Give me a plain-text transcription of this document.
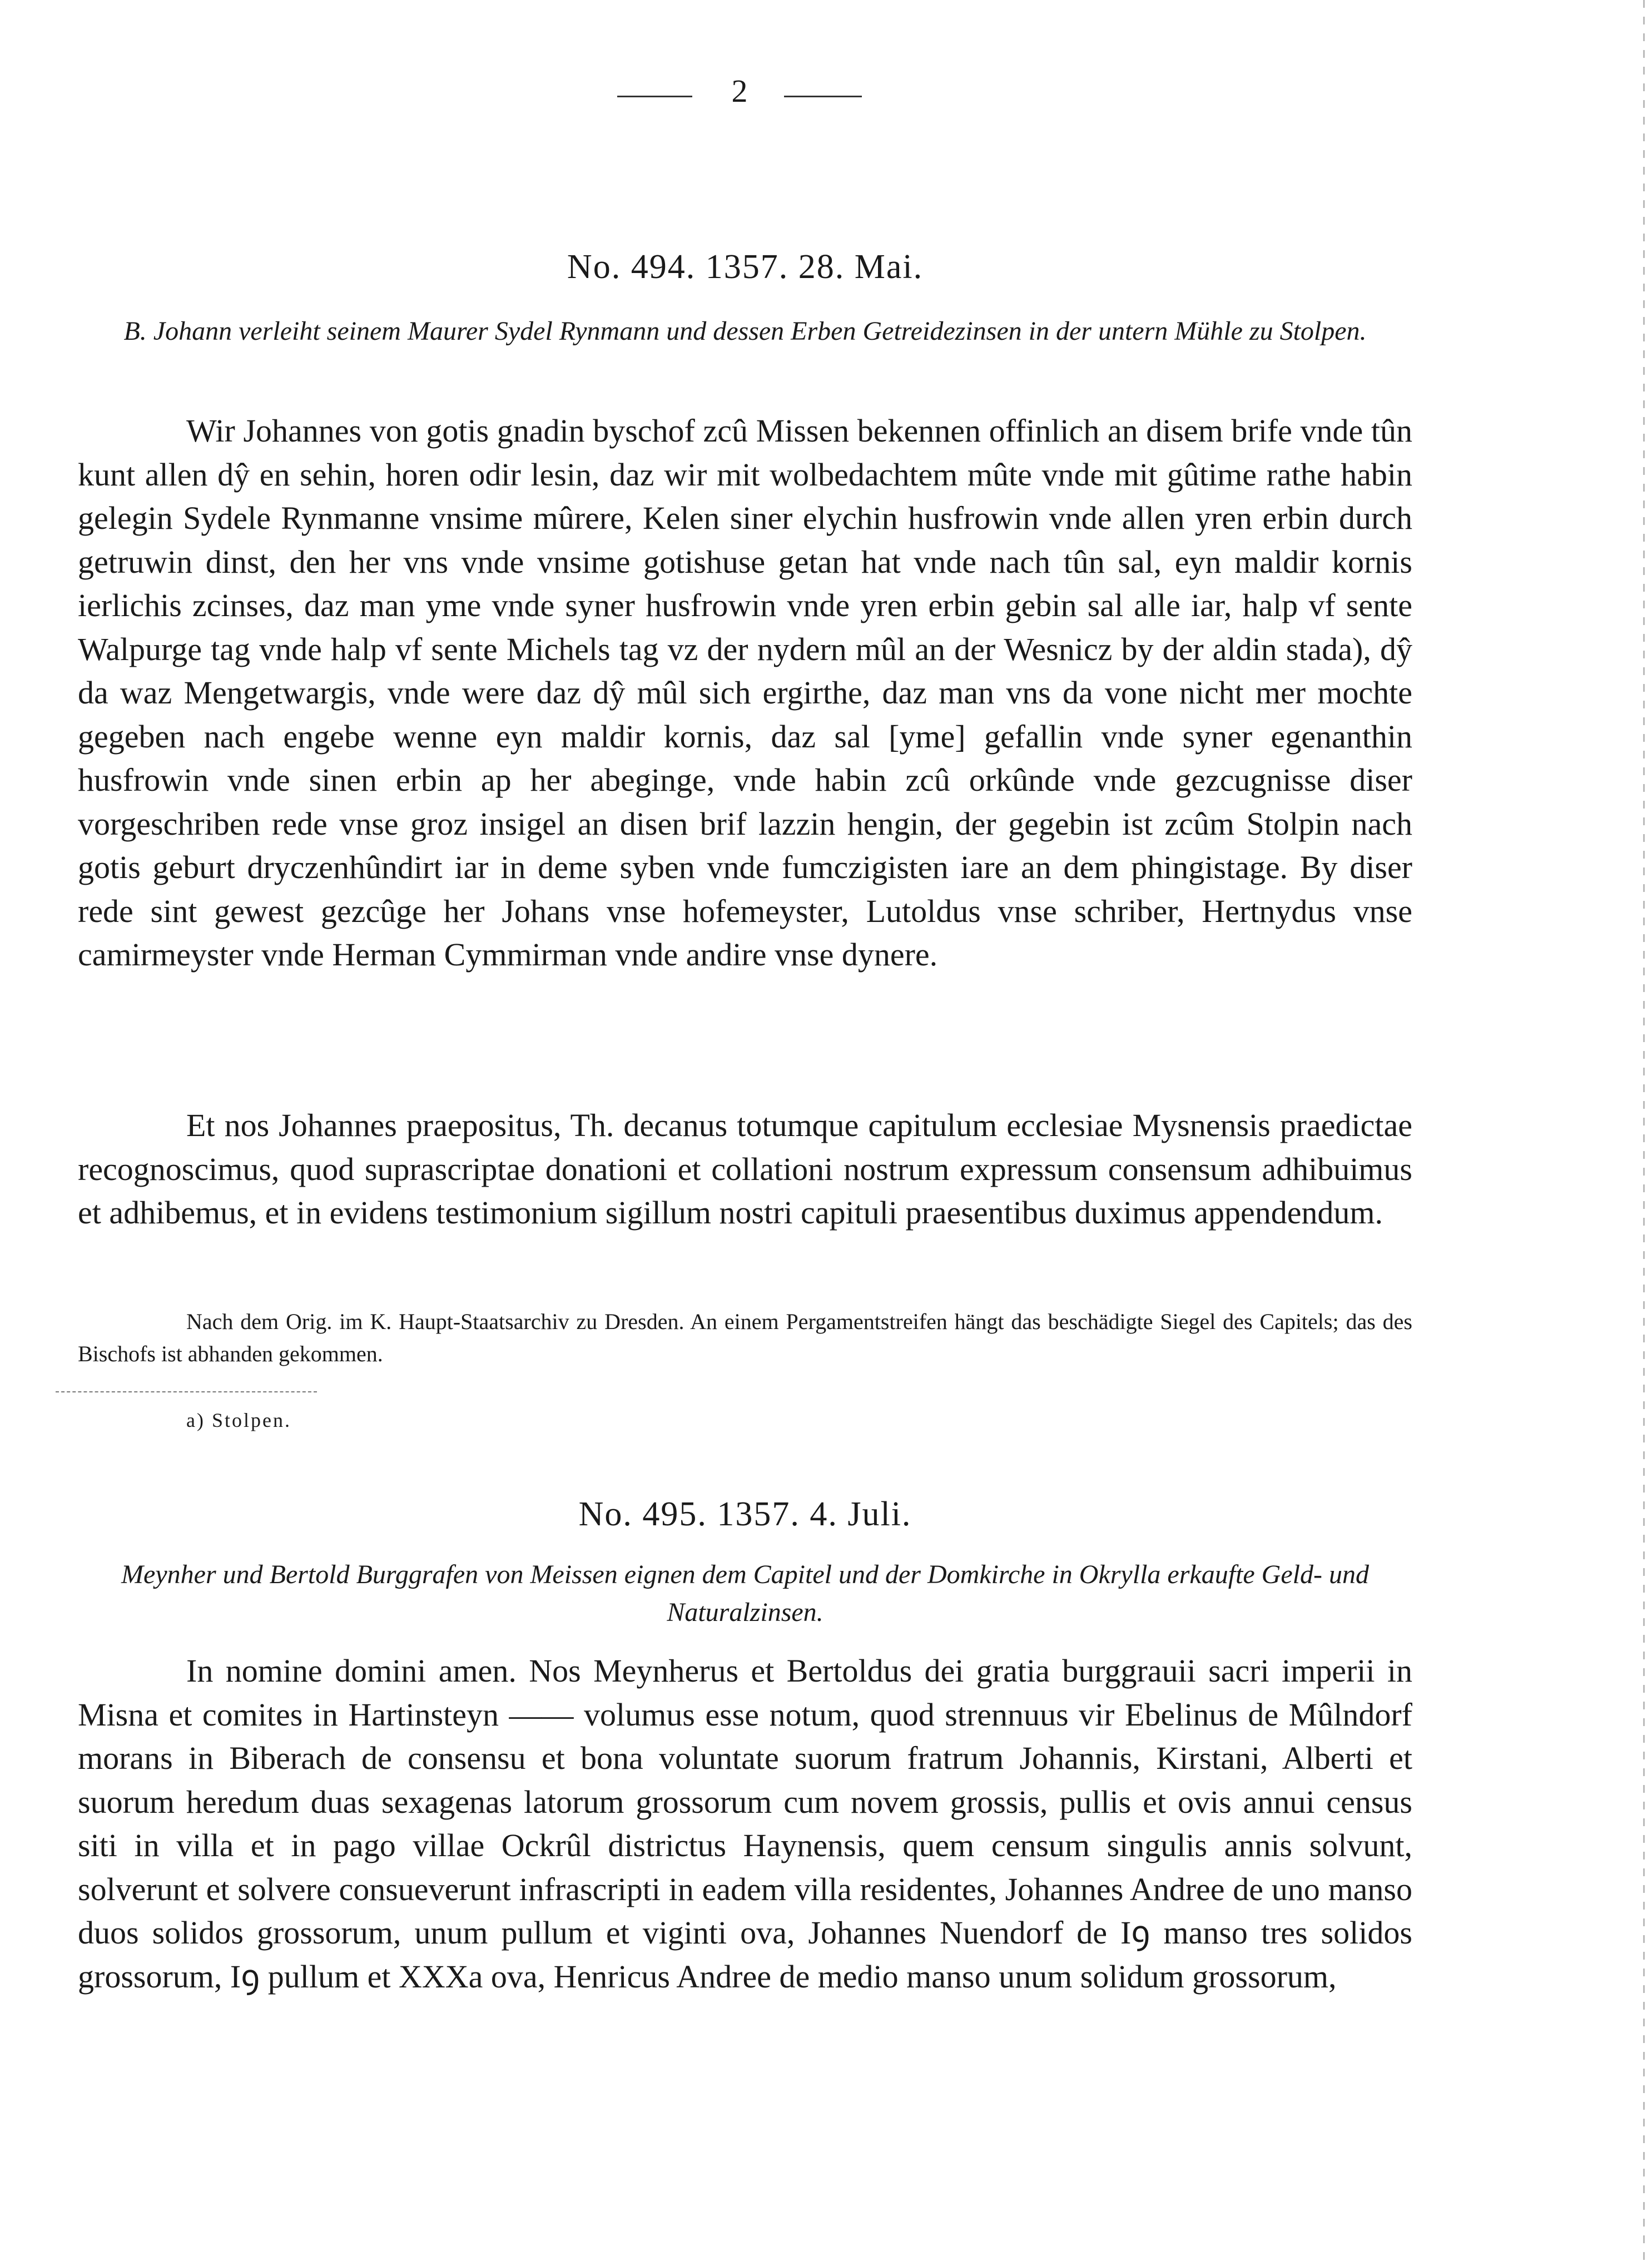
2
No. 494. 1357. 28. Mai.
B. Johann verleiht seinem Maurer Sydel Rynmann und dessen Erben Getreidezinsen in der untern Mühle zu Stolpen.
Wir Johannes von gotis gnadin byschof zcû Missen bekennen offinlich an disem brife vnde tûn kunt allen dŷ en sehin, horen odir lesin, daz wir mit wolbedachtem mûte vnde mit gûtime rathe habin gelegin Sydele Rynmanne vnsime mûrere, Kelen siner elychin husfrowin vnde allen yren erbin durch getruwin dinst, den her vns vnde vnsime gotishuse getan hat vnde nach tûn sal, eyn maldir kornis ierlichis zcinses, daz man yme vnde syner husfrowin vnde yren erbin gebin sal alle iar, halp vf sente Walpurge tag vnde halp vf sente Michels tag vz der nydern mûl an der Wesnicz by der aldin stada), dŷ da waz Mengetwargis, vnde were daz dŷ mûl sich ergirthe, daz man vns da vone nicht mer mochte gegeben nach engebe wenne eyn maldir kornis, daz sal [yme] gefallin vnde syner egenanthin husfrowin vnde sinen erbin ap her abeginge, vnde habin zcû orkûnde vnde gezcugnisse diser vorgeschriben rede vnse groz insigel an disen brif lazzin hengin, der gegebin ist zcûm Stolpin nach gotis geburt dryczenhûndirt iar in deme syben vnde fumczigisten iare an dem phingistage. By diser rede sint gewest gezcûge her Johans vnse hofemeyster, Lutoldus vnse schriber, Hertnydus vnse camirmeyster vnde Herman Cymmirman vnde andire vnse dynere.
Et nos Johannes praepositus, Th. decanus totumque capitulum ecclesiae Mysnensis praedictae recognoscimus, quod suprascriptae donationi et collationi nostrum expressum consensum adhibuimus et adhibemus, et in evidens testimonium sigillum nostri capituli praesentibus duximus appendendum.
Nach dem Orig. im K. Haupt-Staatsarchiv zu Dresden. An einem Pergamentstreifen hängt das beschädigte Siegel des Capitels; das des Bischofs ist abhanden gekommen.
a) Stolpen.
No. 495. 1357. 4. Juli.
Meynher und Bertold Burggrafen von Meissen eignen dem Capitel und der Domkirche in Okrylla erkaufte Geld- und Naturalzinsen.
In nomine domini amen. Nos Meynherus et Bertoldus dei gratia burggrauii sacri imperii in Misna et comites in Hartinsteyn —— volumus esse notum, quod strennuus vir Ebelinus de Mûlndorf morans in Biberach de consensu et bona voluntate suorum fratrum Johannis, Kirstani, Alberti et suorum heredum duas sexagenas latorum grossorum cum novem grossis, pullis et ovis annui census siti in villa et in pago villae Ockrûl districtus Haynensis, quem censum singulis annis solvunt, solverunt et solvere consueverunt infrascripti in eadem villa residentes, Johannes Andree de uno manso duos solidos grossorum, unum pullum et viginti ova, Johannes Nuendorf de Iꝯ manso tres solidos grossorum, Iꝯ pullum et XXXa ova, Henricus Andree de medio manso unum solidum grossorum,
